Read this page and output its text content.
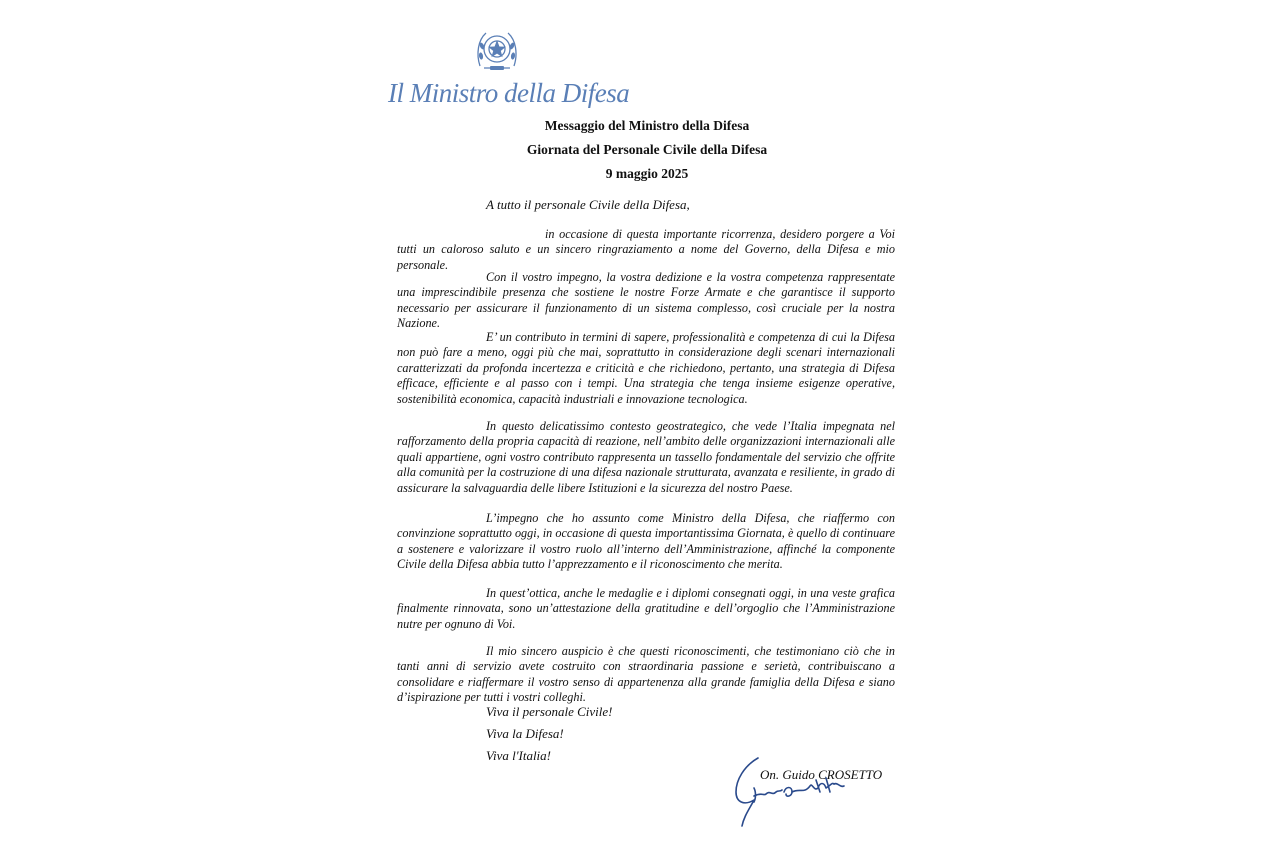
Il Ministro della Difesa
Messaggio del Ministro della Difesa
Giornata del Personale Civile della Difesa
9 maggio 2025
A tutto il personale Civile della Difesa,
in occasione di questa importante ricorrenza, desidero porgere a Voi tutti un caloroso saluto e un sincero ringraziamento a nome del Governo, della Difesa e mio personale.
Con il vostro impegno, la vostra dedizione e la vostra competenza rappresentate una imprescindibile presenza che sostiene le nostre Forze Armate e che garantisce il supporto necessario per assicurare il funzionamento di un sistema complesso, così cruciale per la nostra Nazione.
E’ un contributo in termini di sapere, professionalità e competenza di cui la Difesa non può fare a meno, oggi più che mai, soprattutto in considerazione degli scenari internazionali caratterizzati da profonda incertezza e criticità e che richiedono, pertanto, una strategia di Difesa efficace, efficiente e al passo con i tempi. Una strategia che tenga insieme esigenze operative, sostenibilità economica, capacità industriali e innovazione tecnologica.
In questo delicatissimo contesto geostrategico, che vede l’Italia impegnata nel rafforzamento della propria capacità di reazione, nell’ambito delle organizzazioni internazionali alle quali appartiene, ogni vostro contributo rappresenta un tassello fondamentale del servizio che offrite alla comunità per la costruzione di una difesa nazionale strutturata, avanzata e resiliente, in grado di assicurare la salvaguardia delle libere Istituzioni e la sicurezza del nostro Paese.
L’impegno che ho assunto come Ministro della Difesa, che riaffermo con convinzione soprattutto oggi, in occasione di questa importantissima Giornata, è quello di continuare a sostenere e valorizzare il vostro ruolo all’interno dell’Amministrazione, affinché la componente Civile della Difesa abbia tutto l’apprezzamento e il riconoscimento che merita.
In quest’ottica, anche le medaglie e i diplomi consegnati oggi, in una veste grafica finalmente rinnovata, sono un’attestazione della gratitudine e dell’orgoglio che l’Amministrazione nutre per ognuno di Voi.
Il mio sincero auspicio è che questi riconoscimenti, che testimoniano ciò che in tanti anni di servizio avete costruito con straordinaria passione e serietà, contribuiscano a consolidare e riaffermare il vostro senso di appartenenza alla grande famiglia della Difesa e siano d’ispirazione per tutti i vostri colleghi.
Viva il personale Civile!
Viva la Difesa!
Viva l'Italia!
On. Guido CROSETTO
